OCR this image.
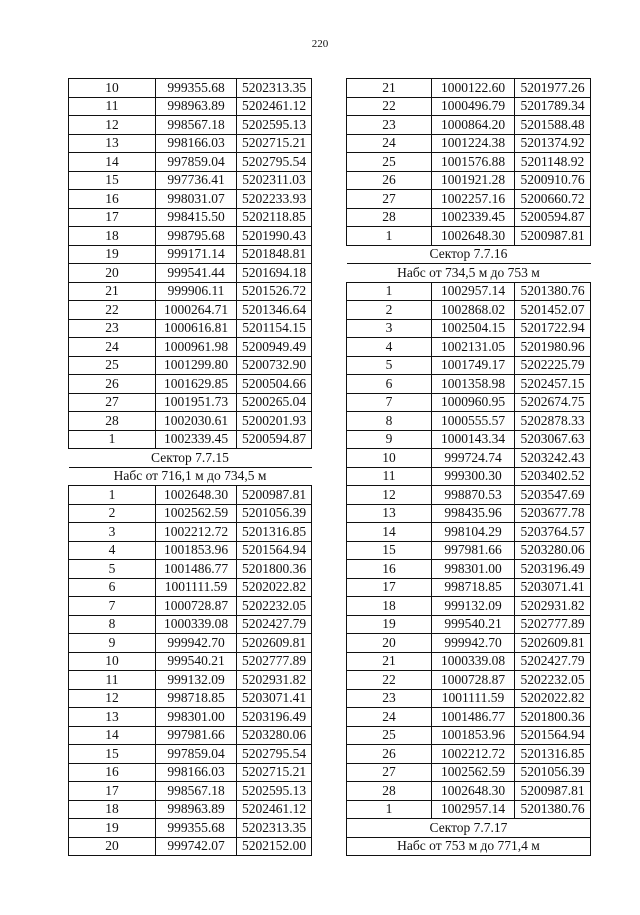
220
10	999355.68	5202313.35
11	998963.89	5202461.12
12	998567.18	5202595.13
13	998166.03	5202715.21
14	997859.04	5202795.54
15	997736.41	5202311.03
16	998031.07	5202233.93
17	998415.50	5202118.85
18	998795.68	5201990.43
19	999171.14	5201848.81
20	999541.44	5201694.18
21	999906.11	5201526.72
22	1000264.71	5201346.64
23	1000616.81	5201154.15
24	1000961.98	5200949.49
25	1001299.80	5200732.90
26	1001629.85	5200504.66
27	1001951.73	5200265.04
28	1002030.61	5200201.93
1	1002339.45	5200594.87
Сектор 7.7.15		
Набс от 716,1 м до 734,5 м		
1	1002648.30	5200987.81
2	1002562.59	5201056.39
3	1002212.72	5201316.85
4	1001853.96	5201564.94
5	1001486.77	5201800.36
6	1001111.59	5202022.82
7	1000728.87	5202232.05
8	1000339.08	5202427.79
9	999942.70	5202609.81
10	999540.21	5202777.89
11	999132.09	5202931.82
12	998718.85	5203071.41
13	998301.00	5203196.49
14	997981.66	5203280.06
15	997859.04	5202795.54
16	998166.03	5202715.21
17	998567.18	5202595.13
18	998963.89	5202461.12
19	999355.68	5202313.35
20	999742.07	5202152.00
21	1000122.60	5201977.26
22	1000496.79	5201789.34
23	1000864.20	5201588.48
24	1001224.38	5201374.92
25	1001576.88	5201148.92
26	1001921.28	5200910.76
27	1002257.16	5200660.72
28	1002339.45	5200594.87
1	1002648.30	5200987.81
Сектор 7.7.16		
Набс от 734,5 м до 753 м		
1	1002957.14	5201380.76
2	1002868.02	5201452.07
3	1002504.15	5201722.94
4	1002131.05	5201980.96
5	1001749.17	5202225.79
6	1001358.98	5202457.15
7	1000960.95	5202674.75
8	1000555.57	5202878.33
9	1000143.34	5203067.63
10	999724.74	5203242.43
11	999300.30	5203402.52
12	998870.53	5203547.69
13	998435.96	5203677.78
14	998104.29	5203764.57
15	997981.66	5203280.06
16	998301.00	5203196.49
17	998718.85	5203071.41
18	999132.09	5202931.82
19	999540.21	5202777.89
20	999942.70	5202609.81
21	1000339.08	5202427.79
22	1000728.87	5202232.05
23	1001111.59	5202022.82
24	1001486.77	5201800.36
25	1001853.96	5201564.94
26	1002212.72	5201316.85
27	1002562.59	5201056.39
28	1002648.30	5200987.81
1	1002957.14	5201380.76
Сектор 7.7.17		
Набс от 753 м до 771,4 м		
